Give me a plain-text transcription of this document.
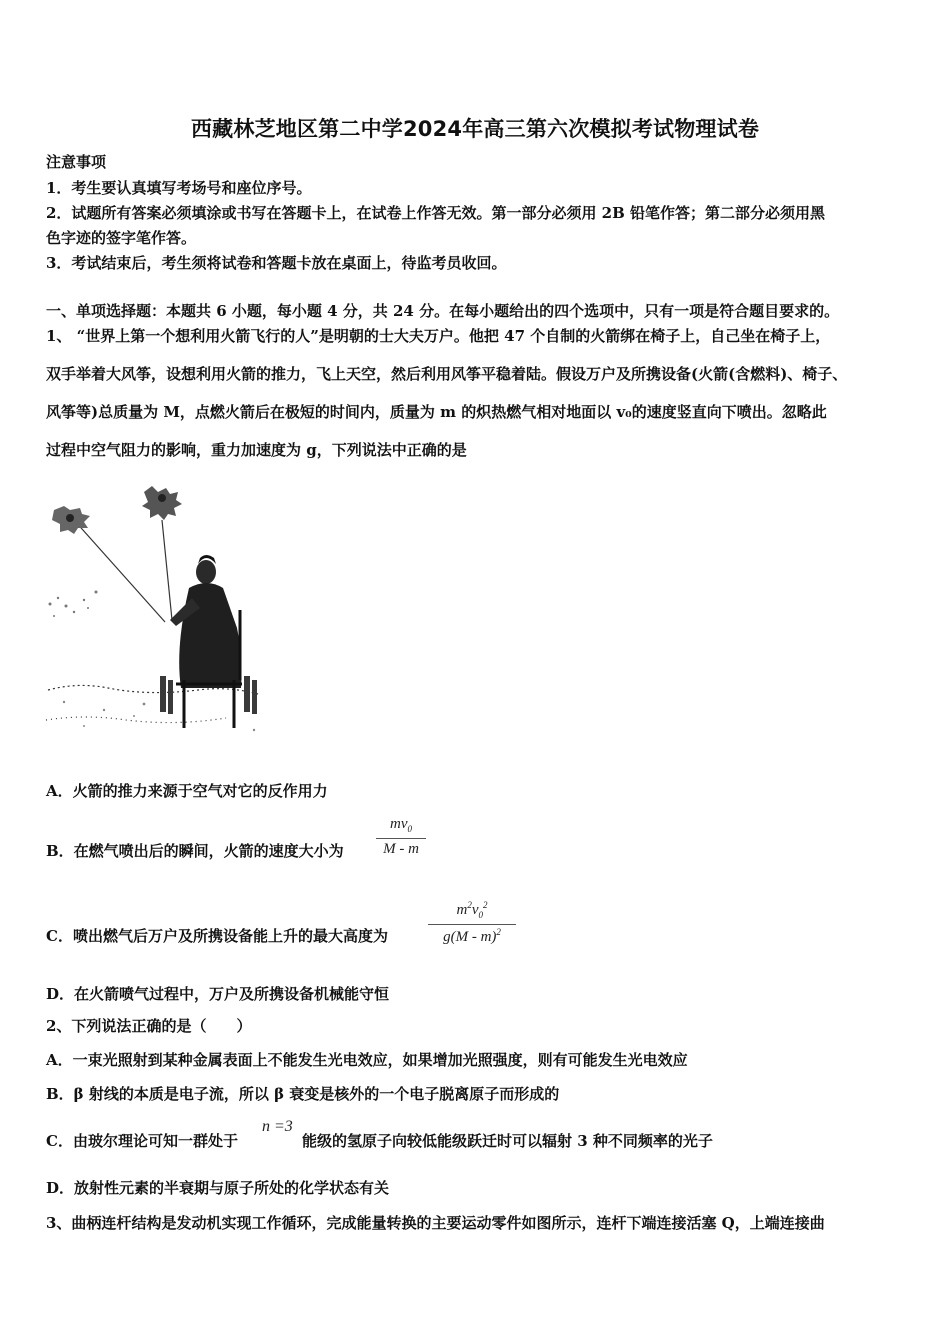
西藏林芝地区第二中学2024年高三第六次模拟考试物理试卷
注意事项
1．考生要认真填写考场号和座位序号。
2．试题所有答案必须填涂或书写在答题卡上，在试卷上作答无效。第一部分必须用 2B 铅笔作答；第二部分必须用黑
色字迹的签字笔作答。
3．考试结束后，考生须将试卷和答题卡放在桌面上，待监考员收回。
一、单项选择题：本题共 6 小题，每小题 4 分，共 24 分。在每小题给出的四个选项中，只有一项是符合题目要求的。
1、 “世界上第一个想利用火箭飞行的人”是明朝的士大夫万户。他把 47 个自制的火箭绑在椅子上，自己坐在椅子上，
双手举着大风筝，设想利用火箭的推力，飞上天空，然后利用风筝平稳着陆。假设万户及所携设备(火箭(含燃料)、椅子、
风筝等)总质量为 M，点燃火箭后在极短的时间内，质量为 m 的炽热燃气相对地面以 v₀的速度竖直向下喷出。忽略此
过程中空气阻力的影响，重力加速度为 g，下列说法中正确的是
A．火箭的推力来源于空气对它的反作用力
B．在燃气喷出后的瞬间，火箭的速度大小为
$mv_0$
M - m
C．喷出燃气后万户及所携设备能上升的最大高度为
$m^2v_0^2$
g(M - m)$^2$
D．在火箭喷气过程中，万户及所携设备机械能守恒
2、下列说法正确的是（　　）
A．一束光照射到某种金属表面上不能发生光电效应，如果增加光照强度，则有可能发生光电效应
B．β 射线的本质是电子流，所以 β 衰变是核外的一个电子脱离原子而形成的
C．由玻尔理论可知一群处于
n =3
能级的氢原子向较低能级跃迁时可以辐射 3 种不同频率的光子
D．放射性元素的半衰期与原子所处的化学状态有关
3、曲柄连杆结构是发动机实现工作循环，完成能量转换的主要运动零件如图所示，连杆下端连接活塞 Q，上端连接曲
